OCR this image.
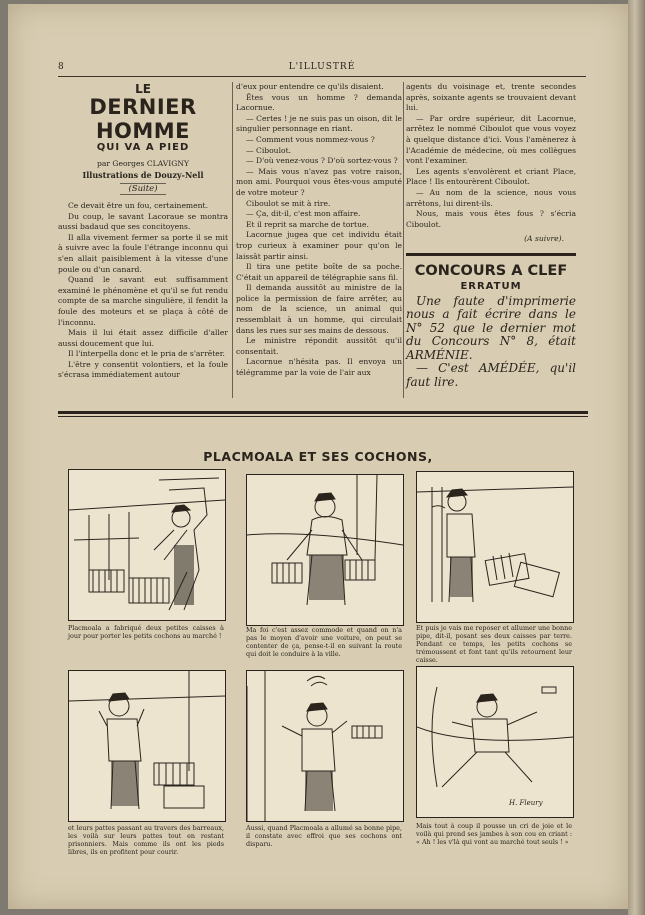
8	L'ILLUSTRÉ
LE
DERNIER HOMME
QUI VA A PIED
par Georges CLAVIGNY
Illustrations de Douzy-Nell
(Suite)

Ce devait être un fou, certainement.

Du coup, le savant Lacoraue se montra aussi badaud que ses concitoyens.

Il alla vivement fermer sa porte il se mit à suivre avec la foule l'étrange inconnu qui s'en allait paisiblement à la vitesse d'une poule ou d'un canard.

Quand le savant eut suffisamment examiné le phénomène et qu'il se fut rendu compte de sa marche singulière, il fendit la foule des moteurs et se plaça à côté de l'inconnu.

Mais il lui était assez difficile d'aller aussi doucement que lui.

Il l'interpella donc et le pria de s'arrêter.

L'être y consentit volontiers, et la foule s'écrasa immédiatement autour

d'eux pour entendre ce qu'ils disaient.

Êtes vous un homme ? demanda Lacornue.

— Certes ! je ne suis pas un oison, dit le singulier personnage en riant.

— Comment vous nommez-vous ?

— Ciboulot.

— D'où venez-vous ? D'où sortez-vous ?

— Mais vous n'avez pas votre raison, mon ami. Pourquoi vous êtes-vous amputé de votre moteur ?

Ciboulot se mit à rire.

— Ça, dit-il, c'est mon affaire.

Et il reprit sa marche de tortue.

Lacornue jugea que cet individu était trop curieux à examiner pour qu'on le laissât partir ainsi.

Il tira une petite boîte de sa poche. C'était un appareil de télégraphie sans fil.

Il demanda aussitôt au ministre de la police la permission de faire arrêter, au nom de la science, un animal qui ressemblait à un homme, qui circulait dans les rues sur ses mains de dessous.

Le ministre répondit aussitôt qu'il consentait.

Lacornue n'hésita pas. Il envoya un télégramme par la voie de l'air aux

agents du voisinage et, trente secondes après, soixante agents se trouvaient devant lui.

— Par ordre supérieur, dit Lacornue, arrêtez le nommé Ciboulot que vous voyez à quelque distance d'ici. Vous l'amènerez à l'Académie de médecine, où mes collègues vont l'examiner.

Les agents s'envolèrent et criant Place, Place ! Ils entourèrent Ciboulot.

— Au nom de la science, nous vous arrêtons, lui dirent-ils.

Nous, mais vous êtes fous ? s'écria Ciboulot.

(A suivre).
CONCOURS A CLEF
ERRATUM

Une faute d'imprimerie nous a fait écrire dans le N° 52 que le dernier mot du Concours N° 8, était ARMÉNIE.

— C'est AMÉDÉE, qu'il faut lire.

PLACMOALA ET SES COCHONS,
Placmoala a fabriqué deux petites caisses à jour pour porter les petits cochons au marché !
Ma foi c'est assez commode et quand on n'a pas le moyen d'avoir une voiture, on peut se contenter de ça, pense-t-il en suivant la route qui doit le conduire à la ville.
Et puis je vais me reposer et allumer une bonne pipe, dit-il, posant ses deux caisses par terre. Pendant ce temps, les petits cochons se trémoussent et font tant qu'ils retournent leur caisse.
H. Fleury
et leurs pattes passant au travers des barreaux, les voilà sur leurs pattes tout en restant prisonniers. Mais comme ils ont les pieds libres, ils en profitent pour courir.
Aussi, quand Placmoala a allumé sa bonne pipe, il constate avec effroi que ses cochons ont disparu.
Mais tout à coup il pousse un cri de joie et le voilà qui prend ses jambes à son cou en criant : « Ah ! les v'là qui vont au marché tout seuls ! »
